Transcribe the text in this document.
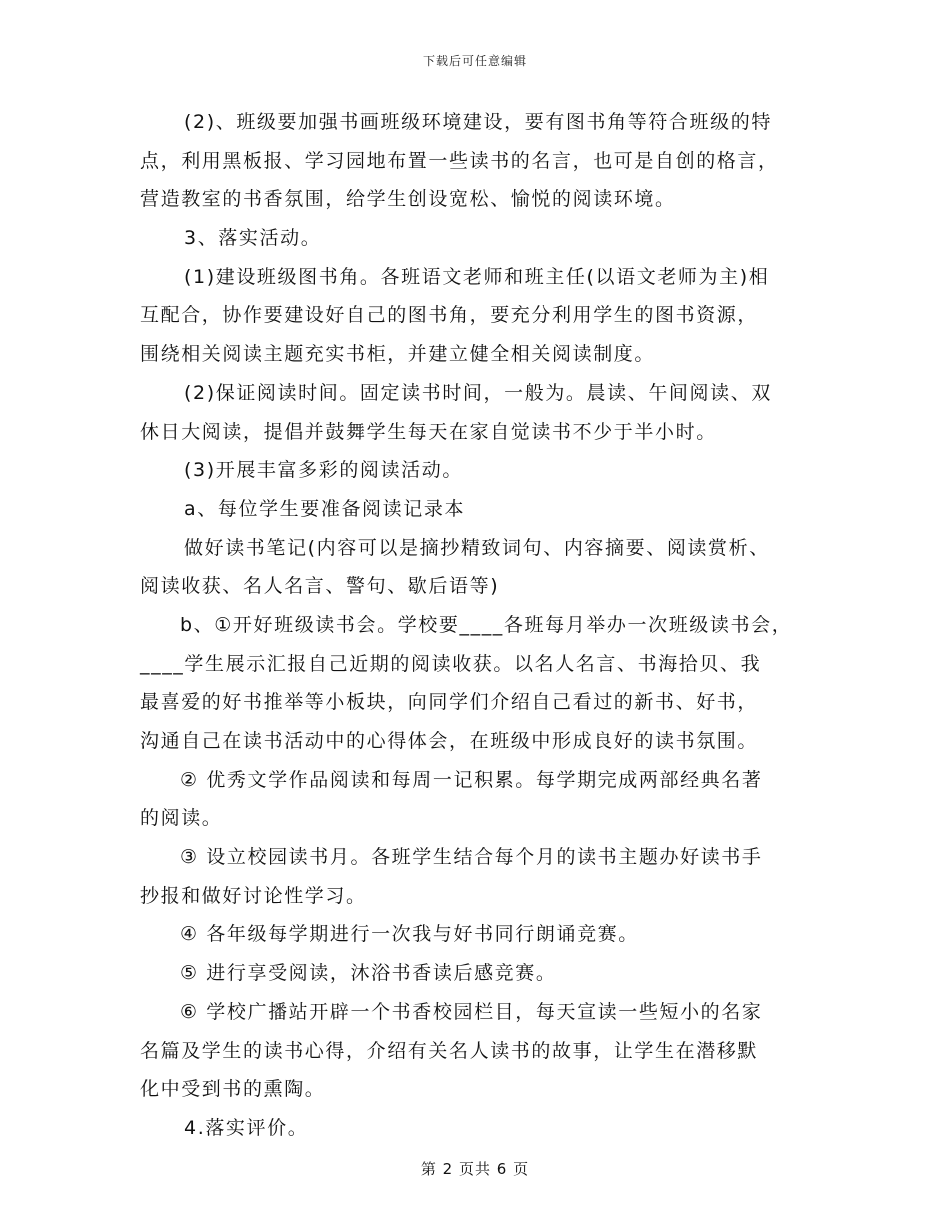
下载后可任意编辑
(2)、班级要加强书画班级环境建设，要有图书角等符合班级的特
点，利用黑板报、学习园地布置一些读书的名言，也可是自创的格言，
营造教室的书香氛围，给学生创设宽松、愉悦的阅读环境。
3、落实活动。
(1)建设班级图书角。各班语文老师和班主任(以语文老师为主)相
互配合，协作要建设好自己的图书角，要充分利用学生的图书资源，
围绕相关阅读主题充实书柜，并建立健全相关阅读制度。
(2)保证阅读时间。固定读书时间，一般为。晨读、午间阅读、双
休日大阅读，提倡并鼓舞学生每天在家自觉读书不少于半小时。
(3)开展丰富多彩的阅读活动。
a、每位学生要准备阅读记录本
做好读书笔记(内容可以是摘抄精致词句、内容摘要、阅读赏析、
阅读收获、名人名言、警句、歇后语等)
b、①开好班级读书会。学校要____各班每月举办一次班级读书会，
____学生展示汇报自己近期的阅读收获。以名人名言、书海拾贝、我
最喜爱的好书推举等小板块，向同学们介绍自己看过的新书、好书，
沟通自己在读书活动中的心得体会，在班级中形成良好的读书氛围。
② 优秀文学作品阅读和每周一记积累。每学期完成两部经典名著
的阅读。
③ 设立校园读书月。各班学生结合每个月的读书主题办好读书手
抄报和做好讨论性学习。
④ 各年级每学期进行一次我与好书同行朗诵竞赛。
⑤ 进行享受阅读，沐浴书香读后感竞赛。
⑥ 学校广播站开辟一个书香校园栏目，每天宣读一些短小的名家
名篇及学生的读书心得，介绍有关名人读书的故事，让学生在潜移默
化中受到书的熏陶。
4.落实评价。
第 2 页共 6 页
